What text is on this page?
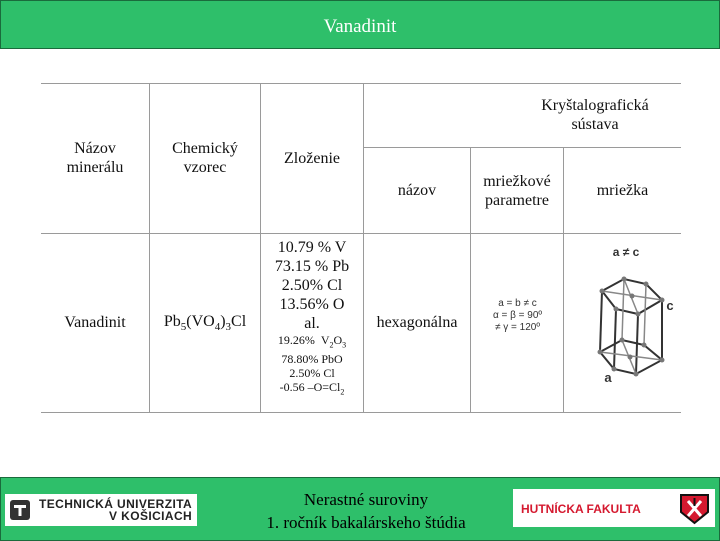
Vanadinit
Názov minerálu
Chemický vzorec
Zloženie
Kryštalografická sústava
názov
mriežkové parametre
mriežka
Vanadinit $Pb_5(VO_4)_3Cl$	hexagonálna
10.79 % V
73.15 % Pb
2.50% Cl
13.56% O
al.
19.26% $V_2O_3$
78.80% PbO
2.50% Cl
-0.56 $-O=Cl_2$
a = b ≠ c
α = β = 90º
≠ γ = 120º
a ≠ c
c
a
TECHNICKÁ UNIVERZITA
V KOŠICIACH
Nerastné suroviny
1. ročník bakalárskeho štúdia
HUTNÍCKA FAKULTA
